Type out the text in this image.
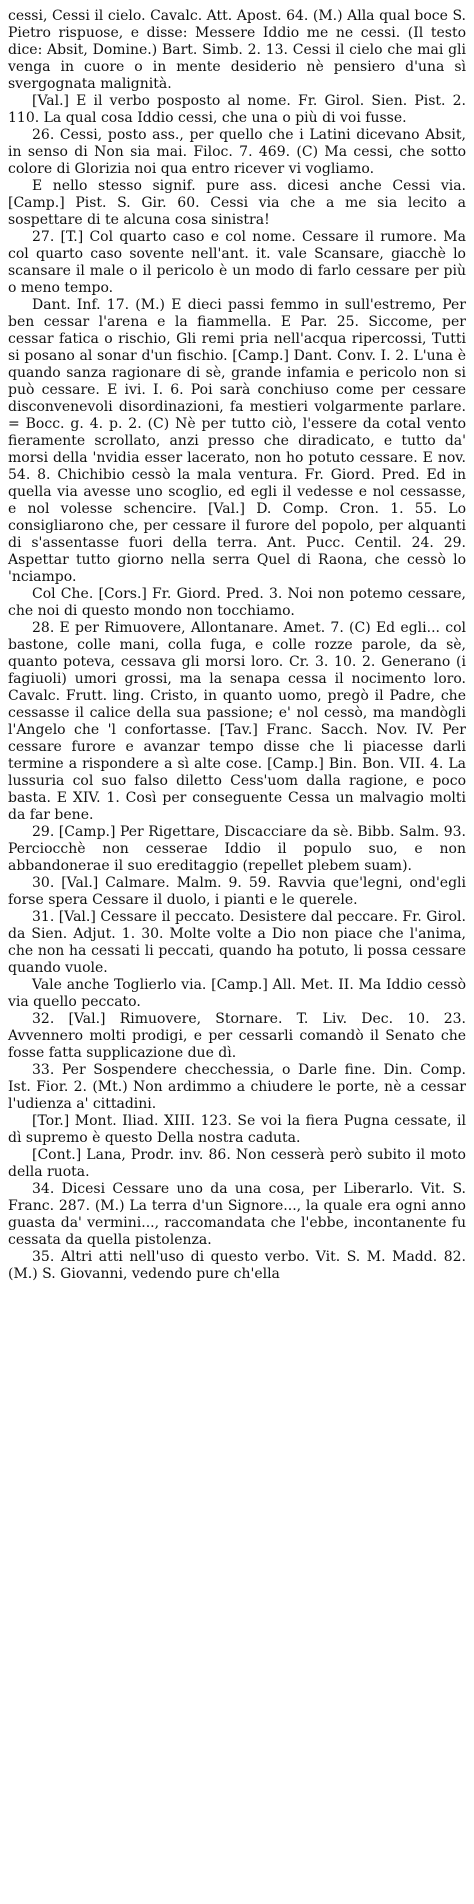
cessi, Cessi il cielo. Cavalc. Att. Apost. 64. (M.) Alla qual boce S. Pietro rispuose, e disse: Messere Iddio me ne cessi. (Il testo dice: Absit, Domine.) Bart. Simb. 2. 13. Cessi il cielo che mai gli venga in cuore o in mente desiderio nè pensiero d'una sì svergognata malignità.

[Val.] E il verbo posposto al nome. Fr. Girol. Sien. Pist. 2. 110. La qual cosa Iddio cessi, che una o più di voi fusse.

26. Cessi, posto ass., per quello che i Latini dicevano Absit, in senso di Non sia mai. Filoc. 7. 469. (C) Ma cessi, che sotto colore di Glorizia noi qua entro ricever vi vogliamo.

E nello stesso signif. pure ass. dicesi anche Cessi via. [Camp.] Pist. S. Gir. 60. Cessi via che a me sia lecito a sospettare di te alcuna cosa sinistra!

27. [T.] Col quarto caso e col nome. Cessare il rumore. Ma col quarto caso sovente nell'ant. it. vale Scansare, giacchè lo scansare il male o il pericolo è un modo di farlo cessare per più o meno tempo.

Dant. Inf. 17. (M.) E dieci passi femmo in sull'estremo, Per ben cessar l'arena e la fiammella. E Par. 25. Siccome, per cessar fatica o rischio, Gli remi pria nell'acqua ripercossi, Tutti si posano al sonar d'un fischio. [Camp.] Dant. Conv. I. 2. L'una è quando sanza ragionare di sè, grande infamia e pericolo non si può cessare. E ivi. I. 6. Poi sarà conchiuso come per cessare disconvenevoli disordinazioni, fa mestieri volgarmente parlare. = Bocc. g. 4. p. 2. (C) Nè per tutto ciò, l'essere da cotal vento fieramente scrollato, anzi presso che diradicato, e tutto da' morsi della 'nvidia esser lacerato, non ho potuto cessare. E nov. 54. 8. Chichibio cessò la mala ventura. Fr. Giord. Pred. Ed in quella via avesse uno scoglio, ed egli il vedesse e nol cessasse, e nol volesse schencire. [Val.] D. Comp. Cron. 1. 55. Lo consigliarono che, per cessare il furore del popolo, per alquanti di s'assentasse fuori della terra. Ant. Pucc. Centil. 24. 29. Aspettar tutto giorno nella serra Quel di Raona, che cessò lo 'nciampo.

Col Che. [Cors.] Fr. Giord. Pred. 3. Noi non potemo cessare, che noi di questo mondo non tocchiamo.

28. E per Rimuovere, Allontanare. Amet. 7. (C) Ed egli... col bastone, colle mani, colla fuga, e colle rozze parole, da sè, quanto poteva, cessava gli morsi loro. Cr. 3. 10. 2. Generano (i fagiuoli) umori grossi, ma la senapa cessa il nocimento loro. Cavalc. Frutt. ling. Cristo, in quanto uomo, pregò il Padre, che cessasse il calice della sua passione; e' nol cessò, ma mandògli l'Angelo che 'l confortasse. [Tav.] Franc. Sacch. Nov. IV. Per cessare furore e avanzar tempo disse che li piacesse darli termine a rispondere a sì alte cose. [Camp.] Bin. Bon. VII. 4. La lussuria col suo falso diletto Cess'uom dalla ragione, e poco basta. E XIV. 1. Così per conseguente Cessa un malvagio molti da far bene.

29. [Camp.] Per Rigettare, Discacciare da sè. Bibb. Salm. 93. Perciocchè non cesserae Iddio il populo suo, e non abbandonerae il suo ereditaggio (repellet plebem suam).

30. [Val.] Calmare. Malm. 9. 59. Ravvia que'legni, ond'egli forse spera Cessare il duolo, i pianti e le querele.

31. [Val.] Cessare il peccato. Desistere dal peccare. Fr. Girol. da Sien. Adjut. 1. 30. Molte volte a Dio non piace che l'anima, che non ha cessati li peccati, quando ha potuto, li possa cessare quando vuole.

Vale anche Toglierlo via. [Camp.] All. Met. II. Ma Iddio cessò via quello peccato.

32. [Val.] Rimuovere, Stornare. T. Liv. Dec. 10. 23. Avvennero molti prodigi, e per cessarli comandò il Senato che fosse fatta supplicazione due dì.

33. Per Sospendere checchessia, o Darle fine. Din. Comp. Ist. Fior. 2. (Mt.) Non ardimmo a chiudere le porte, nè a cessar l'udienza a' cittadini.

[Tor.] Mont. Iliad. XIII. 123. Se voi la fiera Pugna cessate, il dì supremo è questo Della nostra caduta.

[Cont.] Lana, Prodr. inv. 86. Non cesserà però subito il moto della ruota.

34. Dicesi Cessare uno da una cosa, per Liberarlo. Vit. S. Franc. 287. (M.) La terra d'un Signore..., la quale era ogni anno guasta da' vermini..., raccomandata che l'ebbe, incontanente fu cessata da quella pistolenza.

35. Altri atti nell'uso di questo verbo. Vit. S. M. Madd. 82. (M.) S. Giovanni, vedendo pure ch'ella
